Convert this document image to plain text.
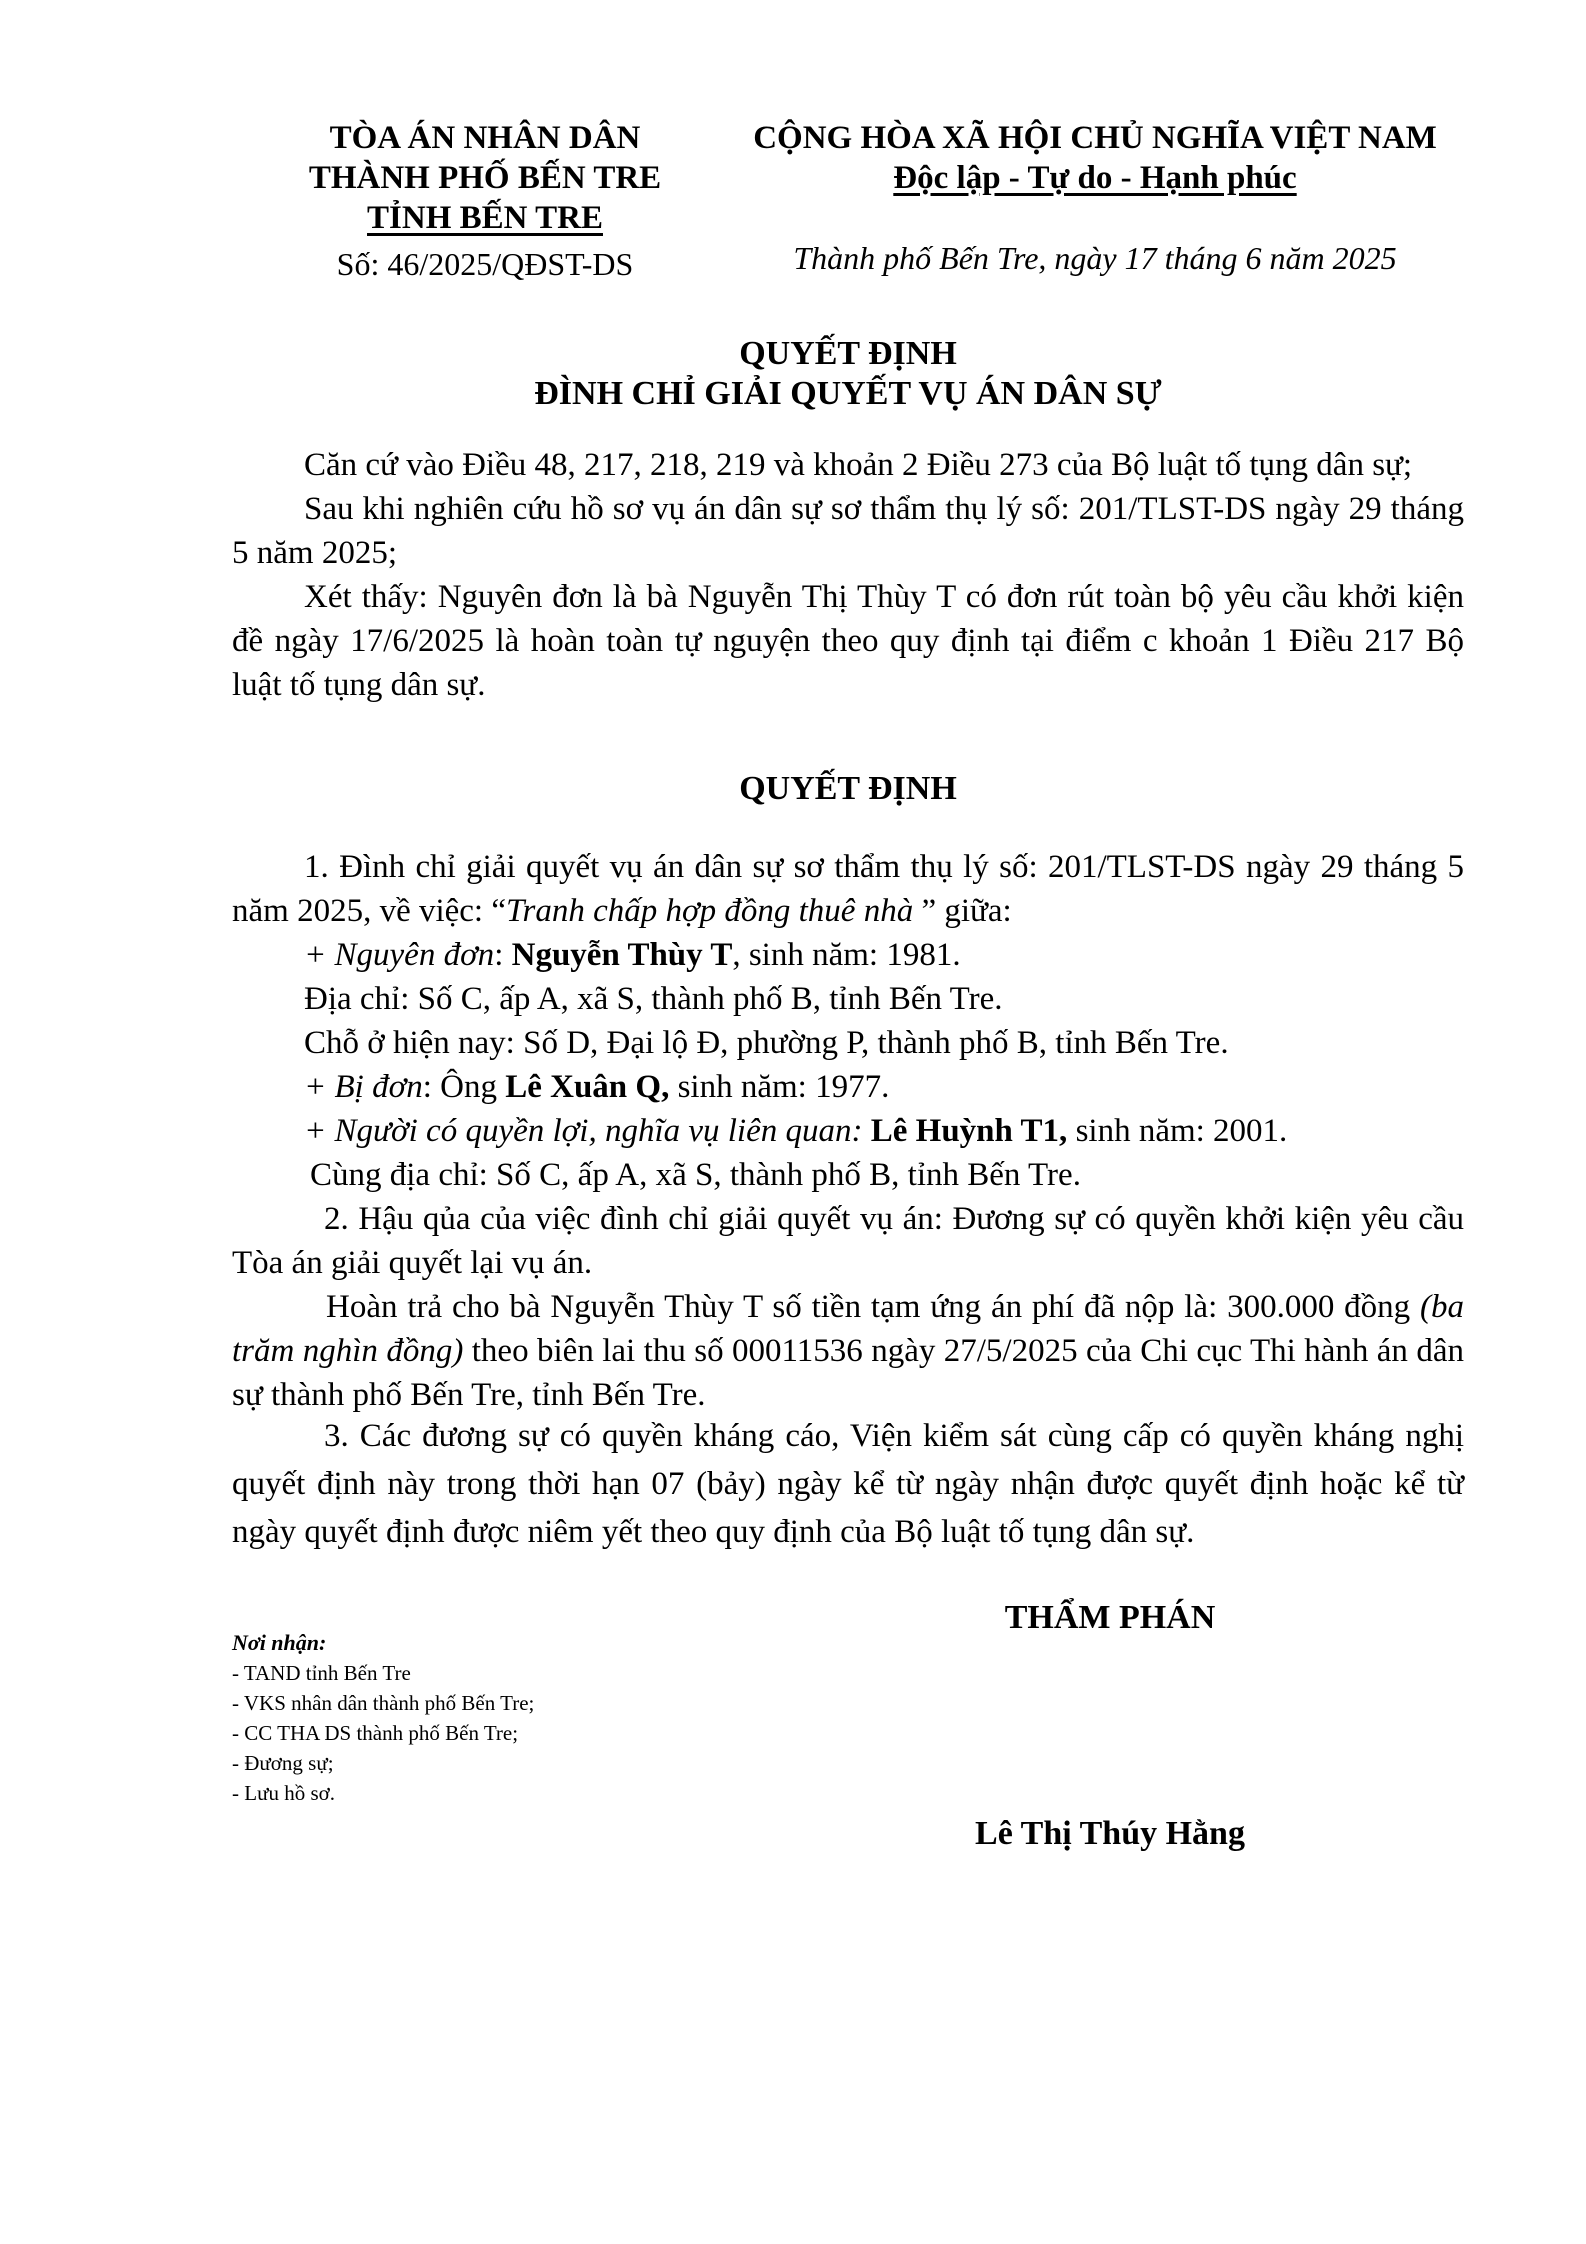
TÒA ÁN NHÂN DÂN
THÀNH PHỐ BẾN TRE
TỈNH BẾN TRE
Số: 46/2025/QĐST-DS
CỘNG HÒA XÃ HỘI CHỦ NGHĨA VIỆT NAM
Độc lập - Tự do - Hạnh phúc
Thành phố Bến Tre, ngày 17 tháng 6 năm 2025
QUYẾT ĐỊNH
ĐÌNH CHỈ GIẢI QUYẾT VỤ ÁN DÂN SỰ

Căn cứ vào Điều 48, 217, 218, 219 và khoản 2 Điều 273 của Bộ luật tố tụng dân sự;

Sau khi nghiên cứu hồ sơ vụ án dân sự sơ thẩm thụ lý số: 201/TLST-DS ngày 29 tháng 5 năm 2025;

Xét thấy: Nguyên đơn là bà Nguyễn Thị Thùy T có đơn rút toàn bộ yêu cầu khởi kiện đề ngày 17/6/2025 là hoàn toàn tự nguyện theo quy định tại điểm c khoản 1 Điều 217 Bộ luật tố tụng dân sự.

QUYẾT ĐỊNH

1. Đình chỉ giải quyết vụ án dân sự sơ thẩm thụ lý số: 201/TLST-DS ngày 29 tháng 5 năm 2025, về việc: “Tranh chấp hợp đồng thuê nhà ” giữa:

+ Nguyên đơn: Nguyễn Thùy T, sinh năm: 1981.

Địa chỉ: Số C, ấp A, xã S, thành phố B, tỉnh Bến Tre.

Chỗ ở hiện nay: Số D, Đại lộ Đ, phường P, thành phố B, tỉnh Bến Tre.

+ Bị đơn: Ông Lê Xuân Q, sinh năm: 1977.

+ Người có quyền lợi, nghĩa vụ liên quan: Lê Huỳnh T1, sinh năm: 2001.

Cùng địa chỉ: Số C, ấp A, xã S, thành phố B, tỉnh Bến Tre.

2. Hậu qủa của việc đình chỉ giải quyết vụ án: Đương sự có quyền khởi kiện yêu cầu Tòa án giải quyết lại vụ án.

Hoàn trả cho bà Nguyễn Thùy T số tiền tạm ứng án phí đã nộp là: 300.000 đồng (ba trăm nghìn đồng) theo biên lai thu số 00011536 ngày 27/5/2025 của Chi cục Thi hành án dân sự thành phố Bến Tre, tỉnh Bến Tre.

3. Các đương sự có quyền kháng cáo, Viện kiểm sát cùng cấp có quyền kháng nghị quyết định này trong thời hạn 07 (bảy) ngày kể từ ngày nhận được quyết định hoặc kể từ ngày quyết định được niêm yết theo quy định của Bộ luật tố tụng dân sự.

Nơi nhận:
- TAND tỉnh Bến Tre
- VKS nhân dân thành phố Bến Tre;
- CC THA DS thành phố Bến Tre;
- Đương sự;
- Lưu hồ sơ.
THẨM PHÁN
Lê Thị Thúy Hằng
